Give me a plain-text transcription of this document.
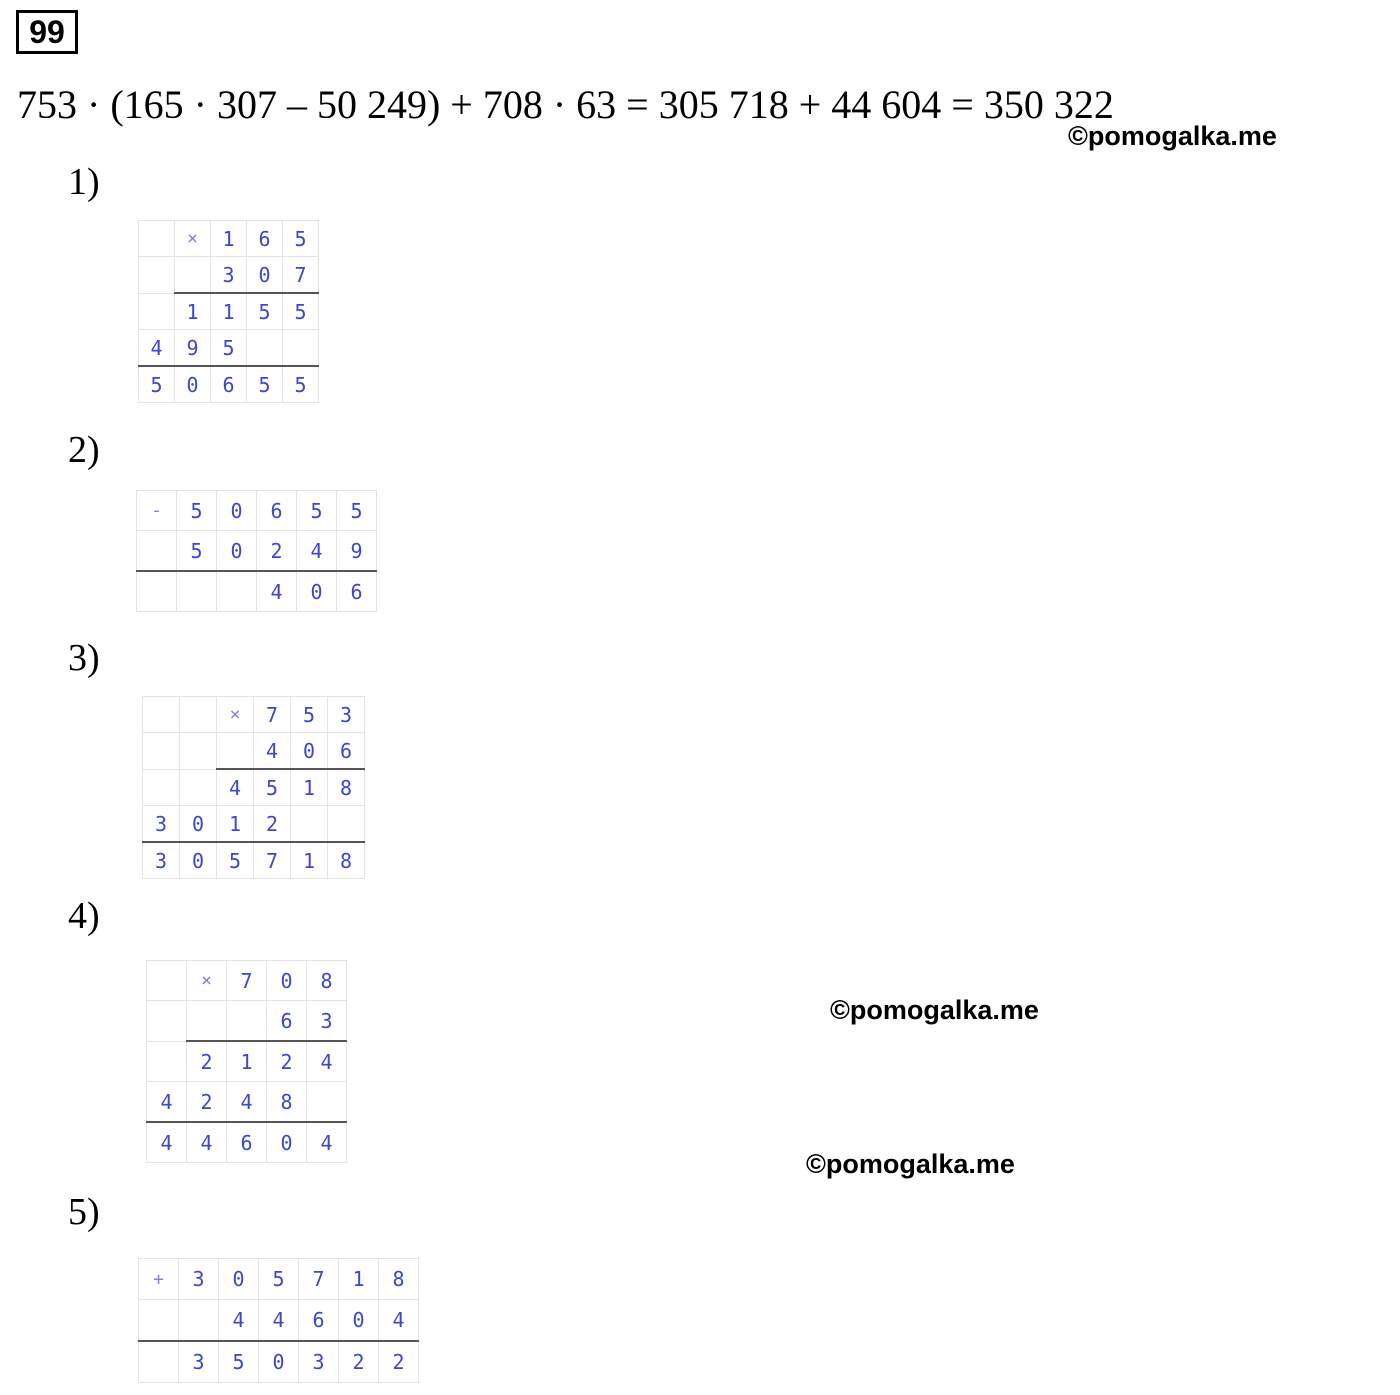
99
753 · (165 · 307 – 50 249) + 708 · 63 = 305 718 + 44 604 = 350 322
©pomogalka.me
©pomogalka.me
©pomogalka.me
1)
	×	1	6	5
		3	0	7
	1	1	5	5
4	9	5		
5	0	6	5	5
2)
-	5	0	6	5	5
	5	0	2	4	9
			4	0	6
3)
		×	7	5	3
			4	0	6
		4	5	1	8
3	0	1	2		
3	0	5	7	1	8
4)
	×	7	0	8
			6	3
	2	1	2	4
4	2	4	8	
4	4	6	0	4
5)
+	3	0	5	7	1	8
		4	4	6	0	4
	3	5	0	3	2	2
